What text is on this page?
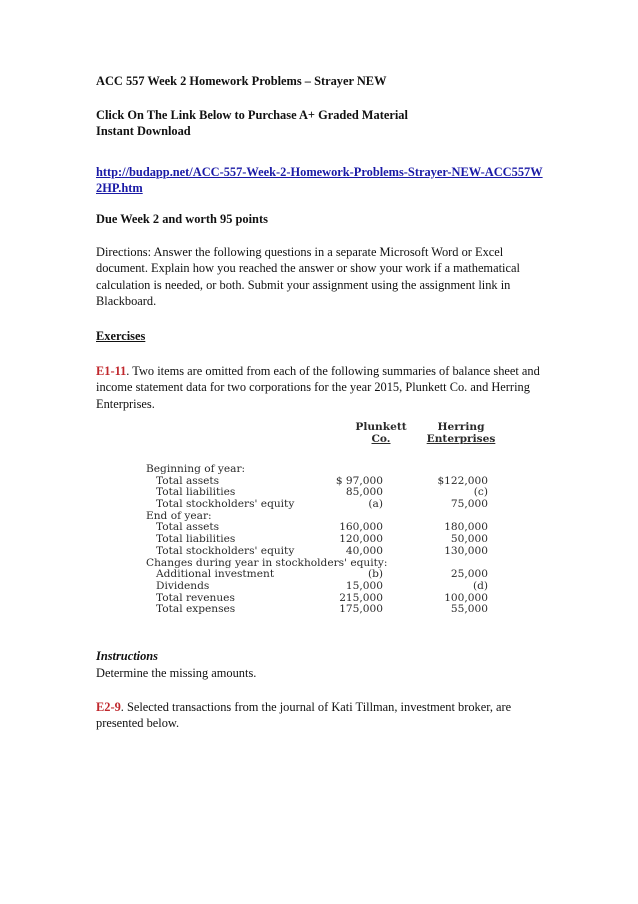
ACC 557 Week 2 Homework Problems – Strayer NEW

Click On The Link Below to Purchase A+ Graded Material

Instant Download

http://budapp.net/ACC-557-Week-2-Homework-Problems-Strayer-NEW-ACC557W2HP.htm

Due Week 2 and worth 95 points

Directions: Answer the following questions in a separate Microsoft Word or Excel document. Explain how you reached the answer or show your work if a mathematical calculation is needed, or both. Submit your assignment using the assignment link in Blackboard.

Exercises

E1-11. Two items are omitted from each of the following summaries of balance sheet and income statement data for two corporations for the year 2015, Plunkett Co. and Herring Enterprises.

Instructions

Determine the missing amounts.

E2-9. Selected transactions from the journal of Kati Tillman, investment broker, are presented below.

Plunkett
Co.
Herring
Enterprises
Beginning of year:
Total assets	$ 97,000	$122,000
Total liabilities	85,000	(c)
Total stockholders' equity	(a)	75,000
End of year:
Total assets	160,000	180,000
Total liabilities	120,000	50,000
Total stockholders' equity	40,000	130,000
Changes during year in stockholders' equity:
Additional investment	(b)	25,000
Dividends	15,000	(d)
Total revenues	215,000	100,000
Total expenses	175,000	55,000
